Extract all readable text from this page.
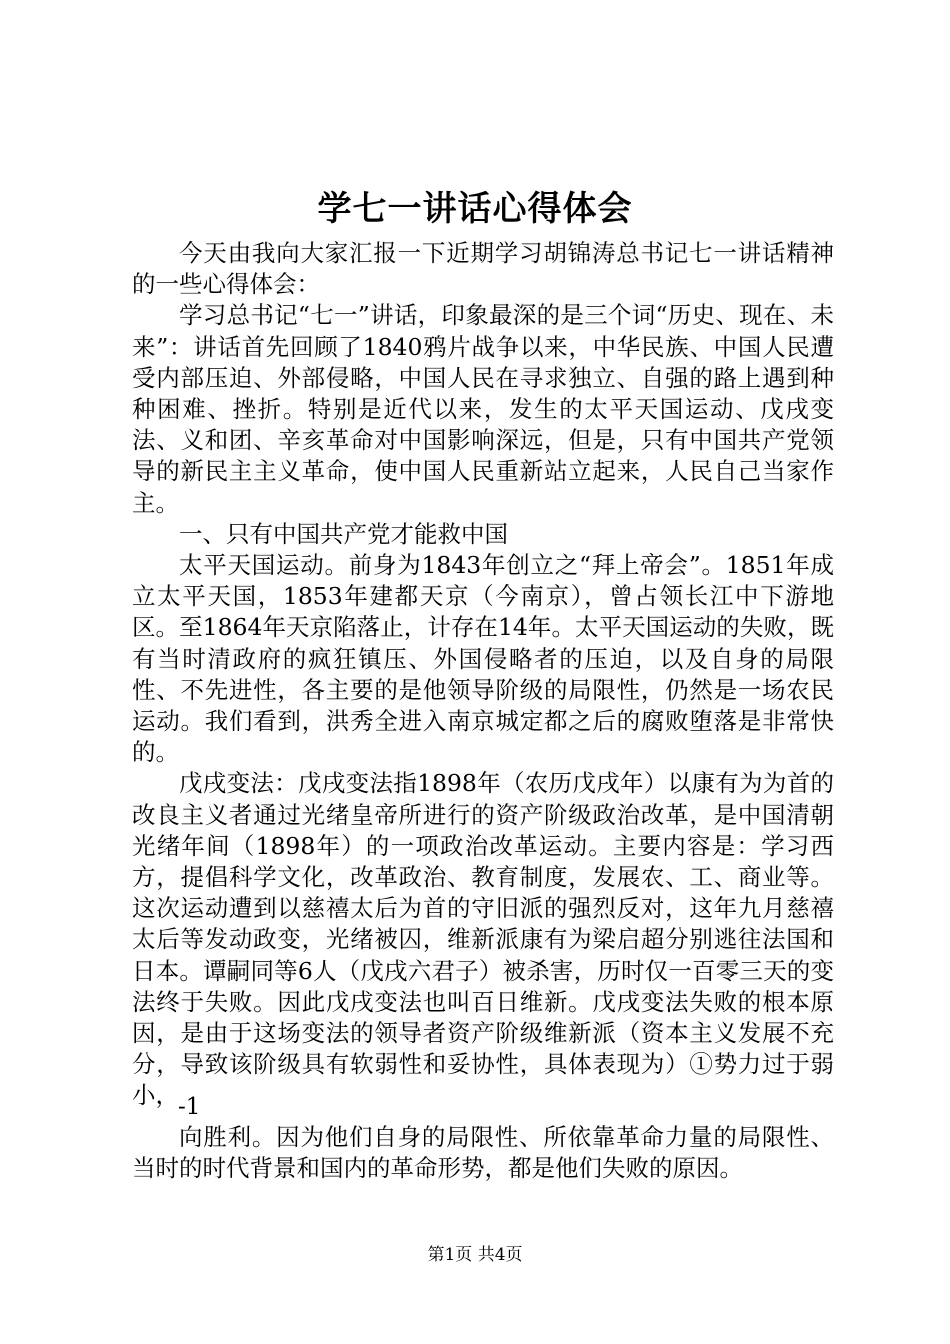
学七一讲话心得体会

今天由我向大家汇报一下近期学习胡锦涛总书记七一讲话精神的一些心得体会：

学习总书记“七一”讲话，印象最深的是三个词“历史、现在、未来”：讲话首先回顾了1840鸦片战争以来，中华民族、中国人民遭受内部压迫、外部侵略，中国人民在寻求独立、自强的路上遇到种种困难、挫折。特别是近代以来，发生的太平天国运动、戊戌变法、义和团、辛亥革命对中国影响深远，但是，只有中国共产党领导的新民主主义革命，使中国人民重新站立起来，人民自己当家作主。

一、只有中国共产党才能救中国

太平天国运动。前身为1843年创立之“拜上帝会”。1851年成立太平天国，1853年建都天京（今南京），曾占领长江中下游地区。至1864年天京陷落止，计存在14年。太平天国运动的失败，既有当时清政府的疯狂镇压、外国侵略者的压迫，以及自身的局限性、不先进性，各主要的是他领导阶级的局限性，仍然是一场农民运动。我们看到，洪秀全进入南京城定都之后的腐败堕落是非常快的。

戊戌变法：戊戌变法指1898年（农历戊戌年）以康有为为首的改良主义者通过光绪皇帝所进行的资产阶级政治改革，是中国清朝光绪年间（1898年）的一项政治改革运动。主要内容是：学习西方，提倡科学文化，改革政治、教育制度，发展农、工、商业等。这次运动遭到以慈禧太后为首的守旧派的强烈反对，这年九月慈禧太后等发动政变，光绪被囚，维新派康有为梁启超分别逃往法国和日本。谭嗣同等6人（戊戌六君子）被杀害，历时仅一百零三天的变法终于失败。因此戊戌变法也叫百日维新。戊戌变法失败的根本原因，是由于这场变法的领导者资产阶级维新派（资本主义发展不充分，导致该阶级具有软弱性和妥协性，具体表现为）①势力过于弱小， -1

向胜利。因为他们自身的局限性、所依靠革命力量的局限性、当时的时代背景和国内的革命形势，都是他们失败的原因。

第1页 共4页
